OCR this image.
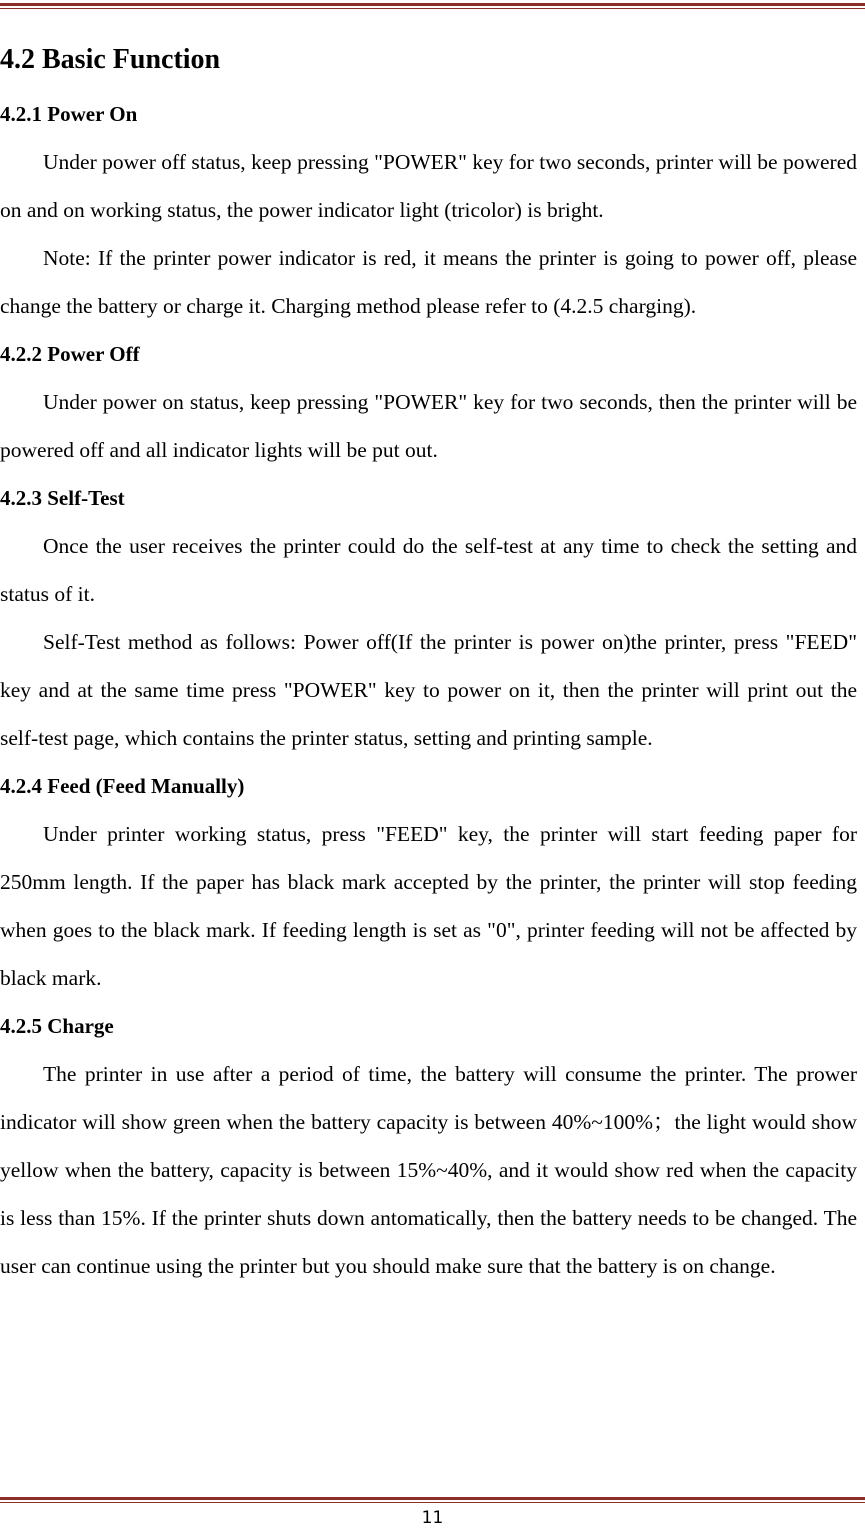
4.2 Basic Function
4.2.1 Power On

Under power off status, keep pressing "POWER" key for two seconds, printer will be powered on and on working status, the power indicator light (tricolor) is bright.

Note: If the printer power indicator is red, it means the printer is going to power off, please change the battery or charge it. Charging method please refer to (4.2.5 charging).

4.2.2 Power Off

Under power on status, keep pressing "POWER" key for two seconds, then the printer will be powered off and all indicator lights will be put out.

4.2.3 Self-Test

Once the user receives the printer could do the self-test at any time to check the setting and status of it.

Self-Test method as follows: Power off(If the printer is power on)the printer, press "FEED" key and at the same time press "POWER" key to power on it, then the printer will print out the self-test page, which contains the printer status, setting and printing sample.

4.2.4 Feed (Feed Manually)

Under printer working status, press "FEED" key, the printer will start feeding paper for 250mm length. If the paper has black mark accepted by the printer, the printer will stop feeding when goes to the black mark. If feeding length is set as "0", printer feeding will not be affected by black mark.

4.2.5 Charge

The printer in use after a period of time, the battery will consume the printer. The prower indicator will show green when the battery capacity is between 40%~100%；the light would show yellow when the battery, capacity is between 15%~40%, and it would show red when the capacity is less than 15%. If the printer shuts down antomatically, then the battery needs to be changed. The user can continue using the printer but you should make sure that the battery is on change.

11
